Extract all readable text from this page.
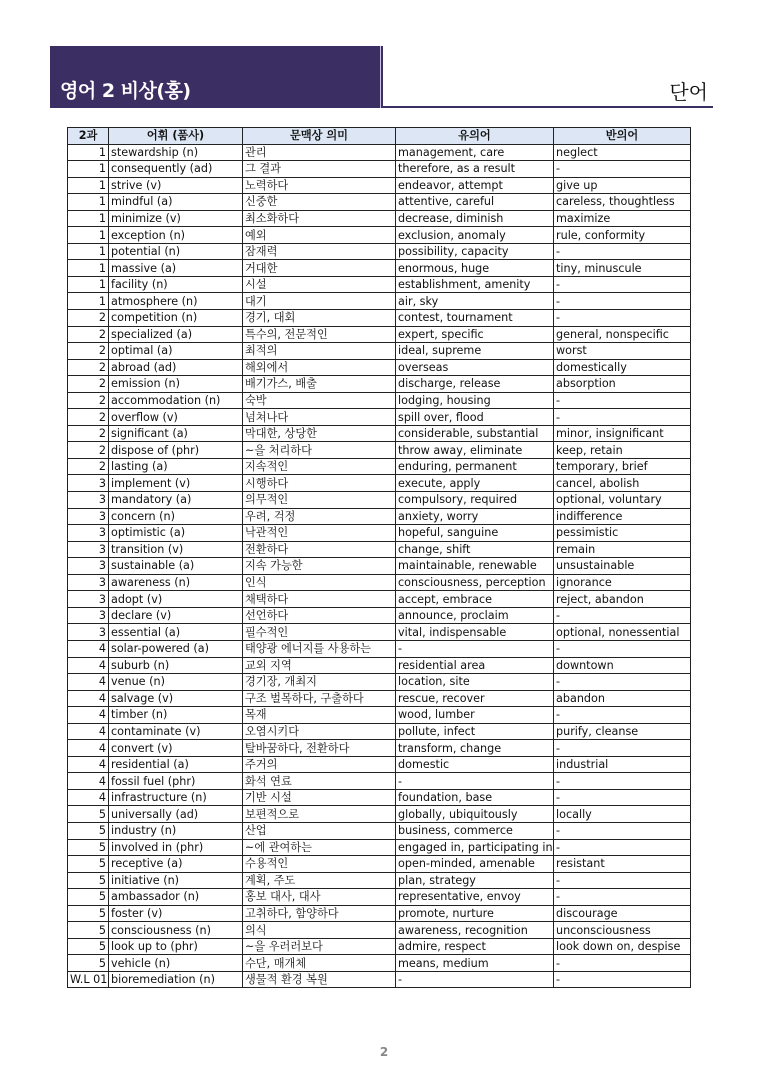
영어 2 비상(홍)	단어
2과	어휘 (품사)	문맥상 의미	유의어	반의어
1	stewardship (n)	관리	management, care	neglect
1	consequently (ad)	그 결과	therefore, as a result	-
1	strive (v)	노력하다	endeavor, attempt	give up
1	mindful (a)	신중한	attentive, careful	careless, thoughtless
1	minimize (v)	최소화하다	decrease, diminish	maximize
1	exception (n)	예외	exclusion, anomaly	rule, conformity
1	potential (n)	잠재력	possibility, capacity	-
1	massive (a)	거대한	enormous, huge	tiny, minuscule
1	facility (n)	시설	establishment, amenity	-
1	atmosphere (n)	대기	air, sky	-
2	competition (n)	경기, 대회	contest, tournament	-
2	specialized (a)	특수의, 전문적인	expert, specific	general, nonspecific
2	optimal (a)	최적의	ideal, supreme	worst
2	abroad (ad)	해외에서	overseas	domestically
2	emission (n)	배기가스, 배출	discharge, release	absorption
2	accommodation (n)	숙박	lodging, housing	-
2	overflow (v)	넘쳐나다	spill over, flood	-
2	significant (a)	막대한, 상당한	considerable, substantial	minor, insignificant
2	dispose of (phr)	~을 처리하다	throw away, eliminate	keep, retain
2	lasting (a)	지속적인	enduring, permanent	temporary, brief
3	implement (v)	시행하다	execute, apply	cancel, abolish
3	mandatory (a)	의무적인	compulsory, required	optional, voluntary
3	concern (n)	우려, 걱정	anxiety, worry	indifference
3	optimistic (a)	낙관적인	hopeful, sanguine	pessimistic
3	transition (v)	전환하다	change, shift	remain
3	sustainable (a)	지속 가능한	maintainable, renewable	unsustainable
3	awareness (n)	인식	consciousness, perception	ignorance
3	adopt (v)	채택하다	accept, embrace	reject, abandon
3	declare (v)	선언하다	announce, proclaim	-
3	essential (a)	필수적인	vital, indispensable	optional, nonessential
4	solar-powered (a)	태양광 에너지를 사용하는	-	-
4	suburb (n)	교외 지역	residential area	downtown
4	venue (n)	경기장, 개최지	location, site	-
4	salvage (v)	구조 벌목하다, 구출하다	rescue, recover	abandon
4	timber (n)	목재	wood, lumber	-
4	contaminate (v)	오염시키다	pollute, infect	purify, cleanse
4	convert (v)	탈바꿈하다, 전환하다	transform, change	-
4	residential (a)	주거의	domestic	industrial
4	fossil fuel (phr)	화석 연료	-	-
4	infrastructure (n)	기반 시설	foundation, base	-
5	universally (ad)	보편적으로	globally, ubiquitously	locally
5	industry (n)	산업	business, commerce	-
5	involved in (phr)	~에 관여하는	engaged in, participating in	-
5	receptive (a)	수용적인	open-minded, amenable	resistant
5	initiative (n)	계획, 주도	plan, strategy	-
5	ambassador (n)	홍보 대사, 대사	representative, envoy	-
5	foster (v)	고취하다, 함양하다	promote, nurture	discourage
5	consciousness (n)	의식	awareness, recognition	unconsciousness
5	look up to (phr)	~을 우러러보다	admire, respect	look down on, despise
5	vehicle (n)	수단, 매개체	means, medium	-
W.L 01	bioremediation (n)	생물적 환경 복원	-	-
2
